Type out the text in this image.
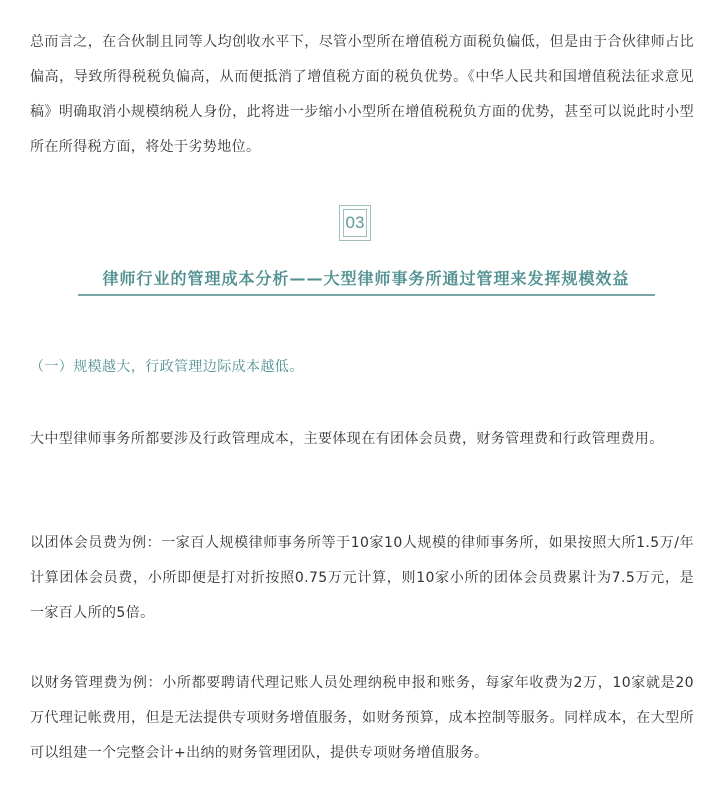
总而言之，在合伙制且同等人均创收水平下，尽管小型所在增值税方面税负偏低，但是由于合伙律师占比偏高，导致所得税税负偏高，从而便抵消了增值税方面的税负优势。《中华人民共和国增值税法征求意见稿》明确取消小规模纳税人身份，此将进一步缩小小型所在增值税税负方面的优势，甚至可以说此时小型所在所得税方面，将处于劣势地位。

03
律师行业的管理成本分析——大型律师事务所通过管理来发挥规模效益
（一）规模越大，行政管理边际成本越低。

大中型律师事务所都要涉及行政管理成本，主要体现在有团体会员费，财务管理费和行政管理费用。

以团体会员费为例：一家百人规模律师事务所等于10家10人规模的律师事务所，如果按照大所1.5万/年计算团体会员费，小所即便是打对折按照0.75万元计算，则10家小所的团体会员费累计为7.5万元，是一家百人所的5倍。

以财务管理费为例：小所都要聘请代理记账人员处理纳税申报和账务，每家年收费为2万，10家就是20万代理记帐费用，但是无法提供专项财务增值服务，如财务预算，成本控制等服务。同样成本，在大型所可以组建一个完整会计+出纳的财务管理团队，提供专项财务增值服务。
